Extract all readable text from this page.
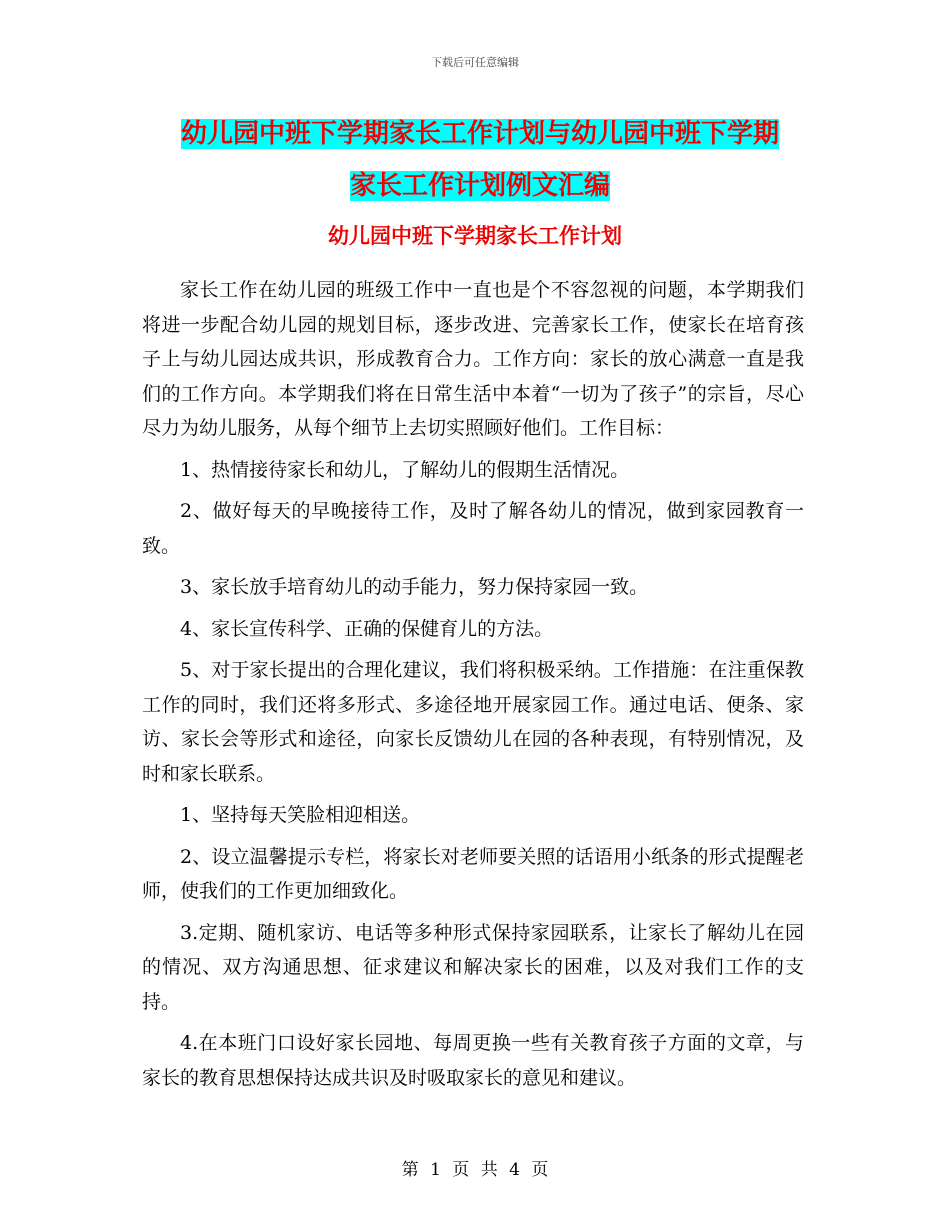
下载后可任意编辑
幼儿园中班下学期家长工作计划与幼儿园中班下学期
家长工作计划例文汇编
幼儿园中班下学期家长工作计划

家长工作在幼儿园的班级工作中一直也是个不容忽视的问题，本学期我们将进一步配合幼儿园的规划目标，逐步改进、完善家长工作，使家长在培育孩子上与幼儿园达成共识，形成教育合力。工作方向：家长的放心满意一直是我们的工作方向。本学期我们将在日常生活中本着“一切为了孩子”的宗旨，尽心尽力为幼儿服务，从每个细节上去切实照顾好他们。工作目标：

1、热情接待家长和幼儿，了解幼儿的假期生活情况。

2、做好每天的早晚接待工作，及时了解各幼儿的情况，做到家园教育一致。

3、家长放手培育幼儿的动手能力，努力保持家园一致。

4、家长宣传科学、正确的保健育儿的方法。

5、对于家长提出的合理化建议，我们将积极采纳。工作措施：在注重保教工作的同时，我们还将多形式、多途径地开展家园工作。通过电话、便条、家访、家长会等形式和途径，向家长反馈幼儿在园的各种表现，有特别情况，及时和家长联系。

1、坚持每天笑脸相迎相送。

2、设立温馨提示专栏，将家长对老师要关照的话语用小纸条的形式提醒老师，使我们的工作更加细致化。

3.定期、随机家访、电话等多种形式保持家园联系，让家长了解幼儿在园的情况、双方沟通思想、征求建议和解决家长的困难，以及对我们工作的支持。

4.在本班门口设好家长园地、每周更换一些有关教育孩子方面的文章，与家长的教育思想保持达成共识及时吸取家长的意见和建议。

第 1 页 共 4 页
